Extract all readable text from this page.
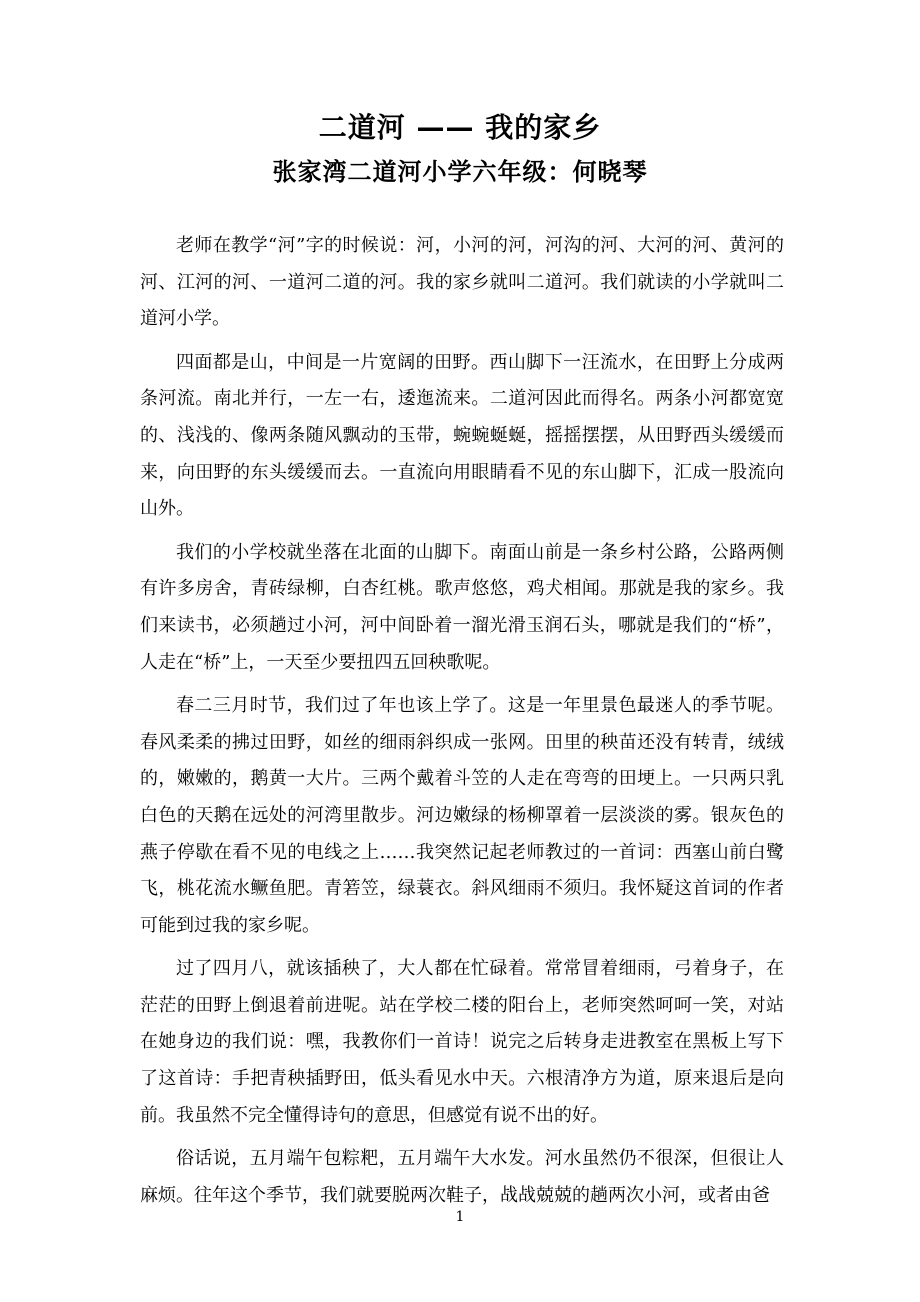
二道河 —— 我的家乡
张家湾二道河小学六年级：何晓琴

老师在教学“河”字的时候说：河，小河的河，河沟的河、大河的河、黄河的河、江河的河、一道河二道的河。我的家乡就叫二道河。我们就读的小学就叫二道河小学。

四面都是山，中间是一片宽阔的田野。西山脚下一汪流水，在田野上分成两条河流。南北并行，一左一右，逶迤流来。二道河因此而得名。两条小河都宽宽的、浅浅的、像两条随风飘动的玉带，蜿蜿蜒蜒，摇摇摆摆，从田野西头缓缓而来，向田野的东头缓缓而去。一直流向用眼睛看不见的东山脚下，汇成一股流向山外。

我们的小学校就坐落在北面的山脚下。南面山前是一条乡村公路，公路两侧有许多房舍，青砖绿柳，白杏红桃。歌声悠悠，鸡犬相闻。那就是我的家乡。我们来读书，必须趟过小河，河中间卧着一溜光滑玉润石头，哪就是我们的“桥”，人走在“桥”上，一天至少要扭四五回秧歌呢。

春二三月时节，我们过了年也该上学了。这是一年里景色最迷人的季节呢。春风柔柔的拂过田野，如丝的细雨斜织成一张网。田里的秧苗还没有转青，绒绒的，嫩嫩的，鹅黄一大片。三两个戴着斗笠的人走在弯弯的田埂上。一只两只乳白色的天鹅在远处的河湾里散步。河边嫩绿的杨柳罩着一层淡淡的雾。银灰色的燕子停歇在看不见的电线之上……我突然记起老师教过的一首词：西塞山前白鹭飞，桃花流水鳜鱼肥。青箬笠，绿蓑衣。斜风细雨不须归。我怀疑这首词的作者可能到过我的家乡呢。

过了四月八，就该插秧了，大人都在忙碌着。常常冒着细雨，弓着身子，在茫茫的田野上倒退着前进呢。站在学校二楼的阳台上，老师突然呵呵一笑，对站在她身边的我们说：嘿，我教你们一首诗！说完之后转身走进教室在黑板上写下了这首诗：手把青秧插野田，低头看见水中天。六根清净方为道，原来退后是向前。我虽然不完全懂得诗句的意思，但感觉有说不出的好。

俗话说，五月端午包粽粑，五月端午大水发。河水虽然仍不很深，但很让人麻烦。往年这个季节，我们就要脱两次鞋子，战战兢兢的趟两次小河，或者由爸

1
